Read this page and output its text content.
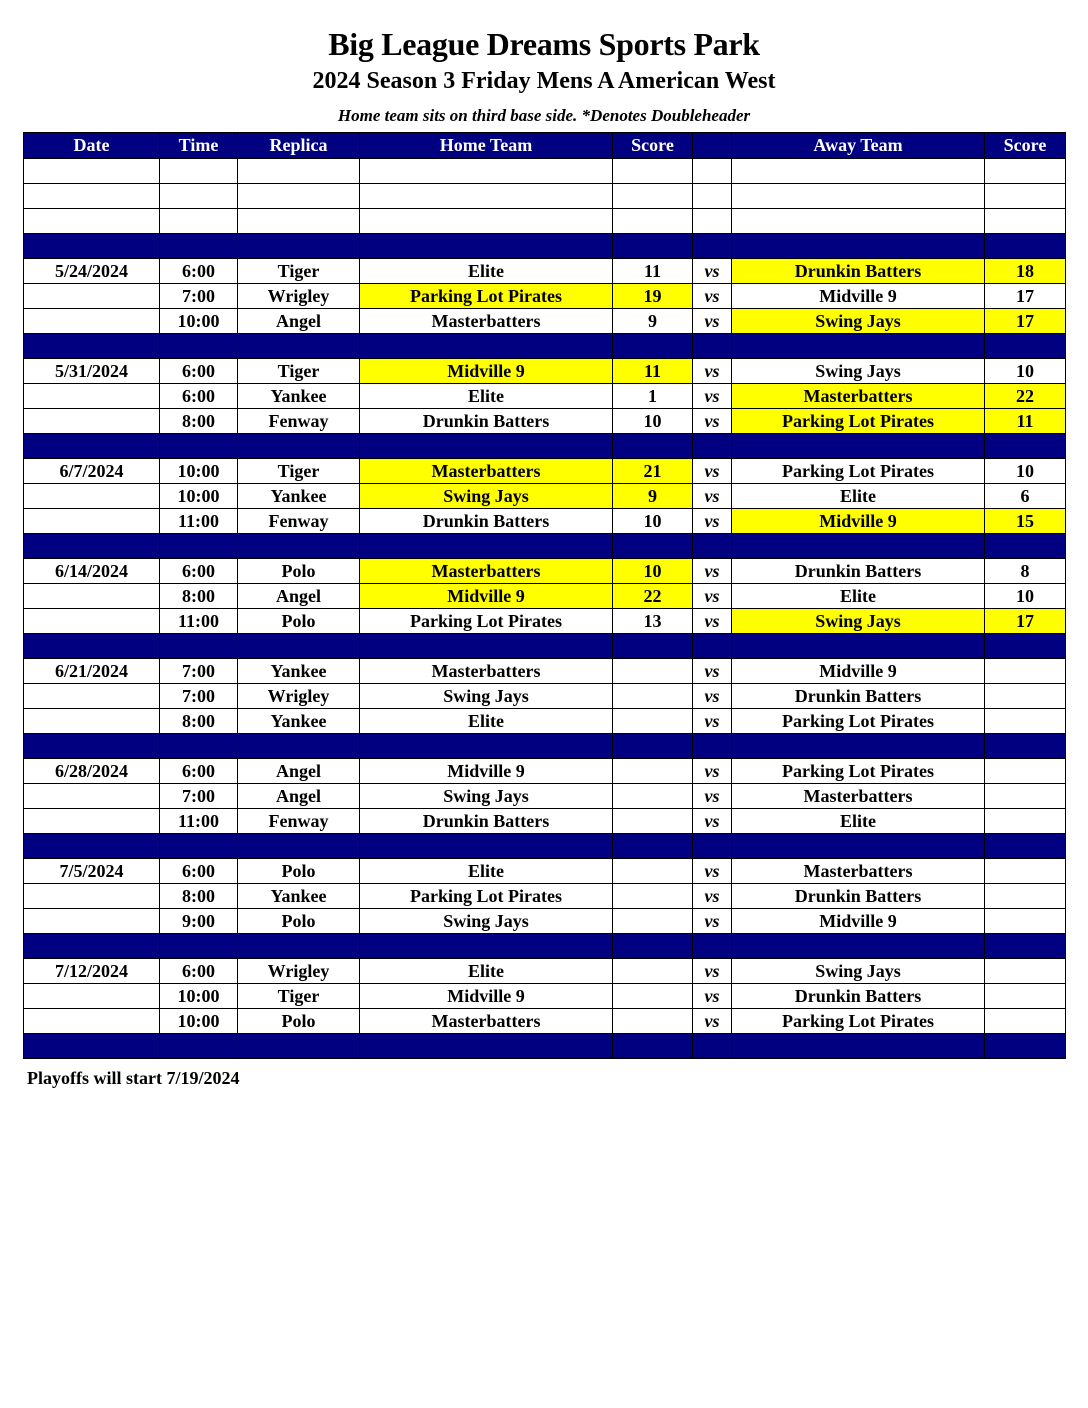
Big League Dreams Sports Park
2024 Season 3 Friday Mens A American West
Home team sits on third base side. *Denotes Doubleheader
Date	Time	Replica	Home Team	Score		Away Team	Score

5/24/2024	6:00	Tiger	Elite	11	vs	Drunkin Batters	18
	7:00	Wrigley	Parking Lot Pirates	19	vs	Midville 9	17
	10:00	Angel	Masterbatters	9	vs	Swing Jays	17

5/31/2024	6:00	Tiger	Midville 9	11	vs	Swing Jays	10
	6:00	Yankee	Elite	1	vs	Masterbatters	22
	8:00	Fenway	Drunkin Batters	10	vs	Parking Lot Pirates	11

6/7/2024	10:00	Tiger	Masterbatters	21	vs	Parking Lot Pirates	10
	10:00	Yankee	Swing Jays	9	vs	Elite	6
	11:00	Fenway	Drunkin Batters	10	vs	Midville 9	15

6/14/2024	6:00	Polo	Masterbatters	10	vs	Drunkin Batters	8
	8:00	Angel	Midville 9	22	vs	Elite	10
	11:00	Polo	Parking Lot Pirates	13	vs	Swing Jays	17

6/21/2024	7:00	Yankee	Masterbatters		vs	Midville 9	
	7:00	Wrigley	Swing Jays		vs	Drunkin Batters	
	8:00	Yankee	Elite		vs	Parking Lot Pirates	

6/28/2024	6:00	Angel	Midville 9		vs	Parking Lot Pirates	
	7:00	Angel	Swing Jays		vs	Masterbatters	
	11:00	Fenway	Drunkin Batters		vs	Elite	

7/5/2024	6:00	Polo	Elite		vs	Masterbatters	
	8:00	Yankee	Parking Lot Pirates		vs	Drunkin Batters	
	9:00	Polo	Swing Jays		vs	Midville 9	

7/12/2024	6:00	Wrigley	Elite		vs	Swing Jays	
	10:00	Tiger	Midville 9		vs	Drunkin Batters	
	10:00	Polo	Masterbatters		vs	Parking Lot Pirates	

Playoffs will start 7/19/2024
